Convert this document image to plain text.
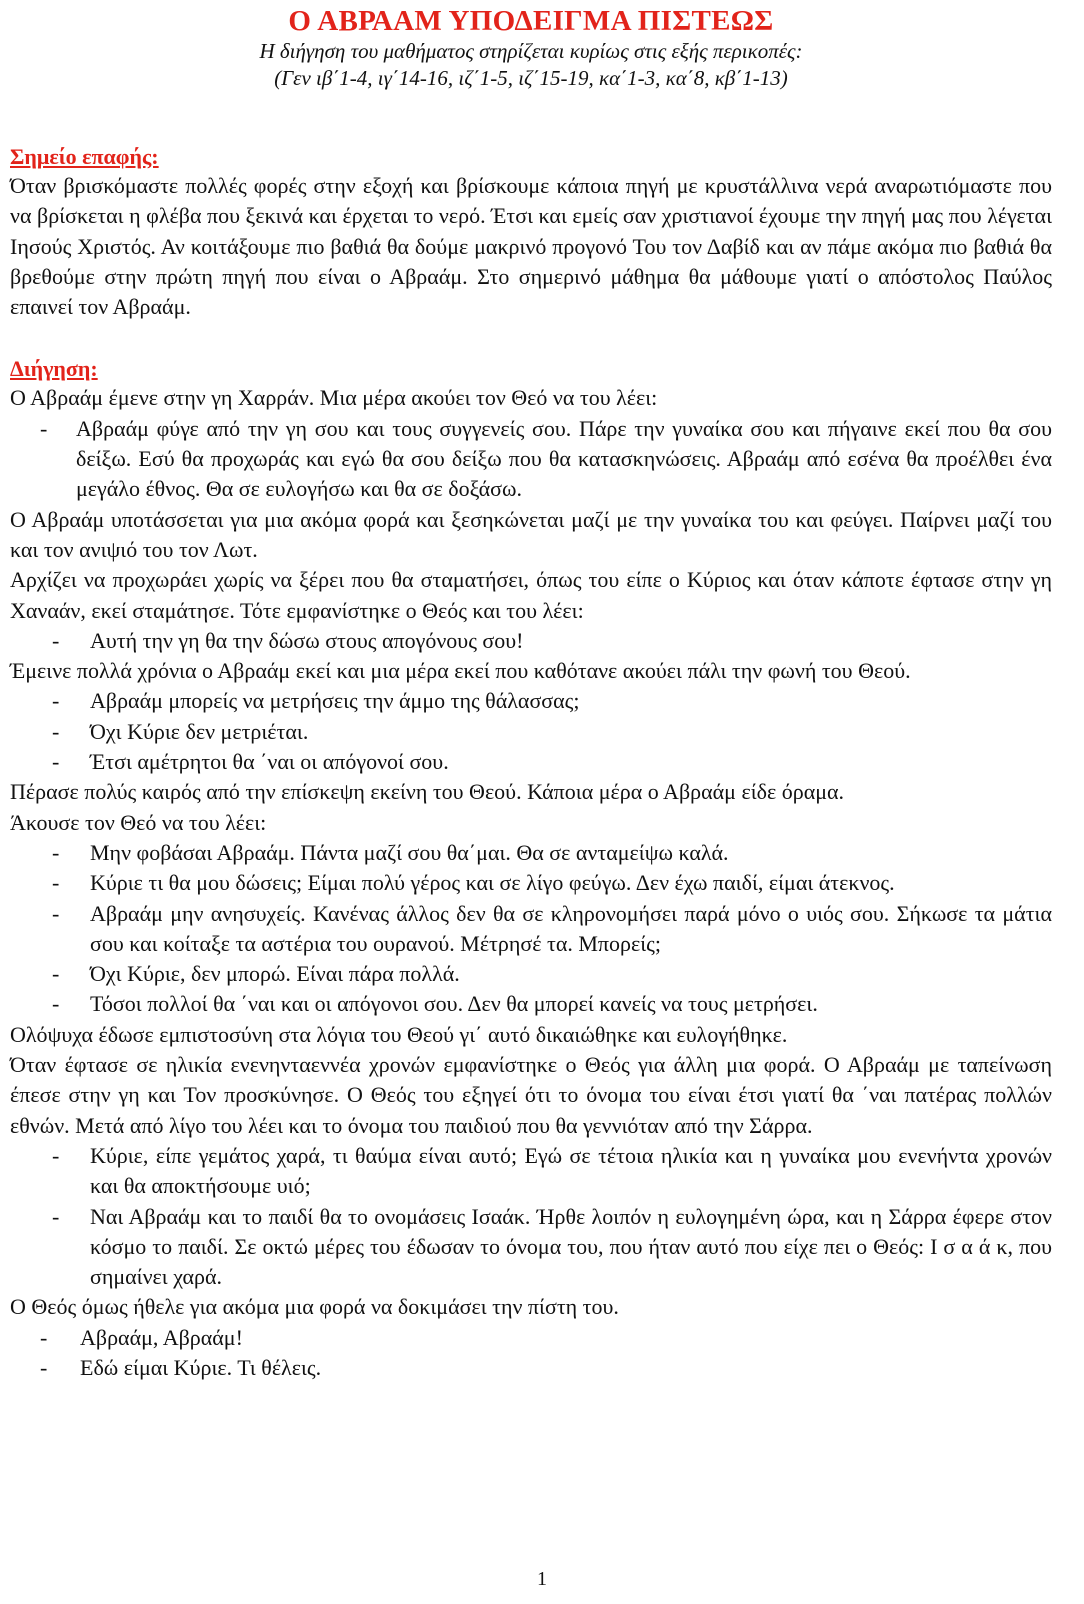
Ο ΑΒΡΑΑΜ ΥΠΟΔΕΙΓΜΑ ΠΙΣΤΕΩΣ

Η διήγηση του μαθήματος στηρίζεται κυρίως στις εξής περικοπές:

(Γεν ιβ΄1-4, ιγ΄14-16, ιζ΄1-5, ιζ΄15-19, κα΄1-3, κα΄8, κβ΄1-13)

Σημείο επαφής:

Όταν βρισκόμαστε πολλές φορές στην εξοχή και βρίσκουμε κάποια πηγή με κρυστάλλινα νερά αναρωτιόμαστε που να βρίσκεται η φλέβα που ξεκινά και έρχεται το νερό. Έτσι και εμείς σαν χριστιανοί έχουμε την πηγή μας που λέγεται Ιησούς Χριστός. Αν κοιτάξουμε πιο βαθιά θα δούμε μακρινό προγονό Του τον Δαβίδ και αν πάμε ακόμα πιο βαθιά θα βρεθούμε στην πρώτη πηγή που είναι ο Αβραάμ. Στο σημερινό μάθημα θα μάθουμε γιατί ο απόστολος Παύλος επαινεί τον Αβραάμ.

Διήγηση:

Ο Αβραάμ έμενε στην γη Χαρράν. Μια μέρα ακούει τον Θεό να του λέει:

- Αβραάμ φύγε από την γη σου και τους συγγενείς σου. Πάρε την γυναίκα σου και πήγαινε εκεί που θα σου δείξω. Εσύ θα προχωράς και εγώ θα σου δείξω που θα κατασκηνώσεις. Αβραάμ από εσένα θα προέλθει ένα μεγάλο έθνος. Θα σε ευλογήσω και θα σε δοξάσω.

Ο Αβραάμ υποτάσσεται για μια ακόμα φορά και ξεσηκώνεται μαζί με την γυναίκα του και φεύγει. Παίρνει μαζί του και τον ανιψιό του τον Λωτ.

Αρχίζει να προχωράει χωρίς να ξέρει που θα σταματήσει, όπως του είπε ο Κύριος και όταν κάποτε έφτασε στην γη Χαναάν, εκεί σταμάτησε. Τότε εμφανίστηκε ο Θεός και του λέει:

- Αυτή την γη θα την δώσω στους απογόνους σου!

Έμεινε πολλά χρόνια ο Αβραάμ εκεί και μια μέρα εκεί που καθότανε ακούει πάλι την φωνή του Θεού.

- Αβραάμ μπορείς να μετρήσεις την άμμο της θάλασσας;
- Όχι Κύριε δεν μετριέται.
- Έτσι αμέτρητοι θα ΄ναι οι απόγονοί σου.

Πέρασε πολύς καιρός από την επίσκεψη εκείνη του Θεού. Κάποια μέρα ο Αβραάμ είδε όραμα.

Άκουσε τον Θεό να του λέει:

- Μην φοβάσαι Αβραάμ. Πάντα μαζί σου θα΄μαι. Θα σε ανταμείψω καλά.
- Κύριε τι θα μου δώσεις; Είμαι πολύ γέρος και σε λίγο φεύγω. Δεν έχω παιδί, είμαι άτεκνος.
- Αβραάμ μην ανησυχείς. Κανένας άλλος δεν θα σε κληρονομήσει παρά μόνο ο υιός σου. Σήκωσε τα μάτια σου και κοίταξε τα αστέρια του ουρανού. Μέτρησέ τα. Μπορείς;
- Όχι Κύριε, δεν μπορώ. Είναι πάρα πολλά.
- Τόσοι πολλοί θα ΄ναι και οι απόγονοι σου. Δεν θα μπορεί κανείς να τους μετρήσει.

Ολόψυχα έδωσε εμπιστοσύνη στα λόγια του Θεού γι΄ αυτό δικαιώθηκε και ευλογήθηκε.

Όταν έφτασε σε ηλικία ενενηνταεννέα χρονών εμφανίστηκε ο Θεός για άλλη μια φορά. Ο Αβραάμ με ταπείνωση έπεσε στην γη και Τον προσκύνησε. Ο Θεός του εξηγεί ότι το όνομα του είναι έτσι γιατί θα ΄ναι πατέρας πολλών εθνών. Μετά από λίγο του λέει και το όνομα του παιδιού που θα γεννιόταν από την Σάρρα.

- Κύριε, είπε γεμάτος χαρά, τι θαύμα είναι αυτό; Εγώ σε τέτοια ηλικία και η γυναίκα μου ενενήντα χρονών και θα αποκτήσουμε υιό;
- Ναι Αβραάμ και το παιδί θα το ονομάσεις Ισαάκ. Ήρθε λοιπόν η ευλογημένη ώρα, και η Σάρρα έφερε στον κόσμο το παιδί. Σε οκτώ μέρες του έδωσαν το όνομα του, που ήταν αυτό που είχε πει ο Θεός: Ι σ α ά κ, που σημαίνει χαρά.

Ο Θεός όμως ήθελε για ακόμα μια φορά να δοκιμάσει την πίστη του.

- Αβραάμ, Αβραάμ!
- Εδώ είμαι Κύριε. Τι θέλεις.
1
